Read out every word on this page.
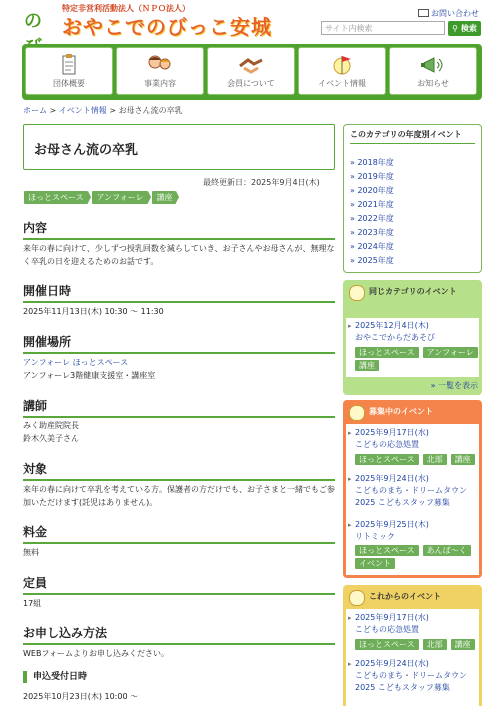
の
特定非営利活動法人（ＮＰＯ法人）
おやこでのびっこ安城
お問い合わせ
サイト内検索	⚲ 検索
団体概要	事業内容	会員について	イベント情報	お知らせ
ホーム > イベント情報 > お母さん流の卒乳
お母さん流の卒乳
最終更新日：2025年9月4日(木)
ほっとスペース アンフォーレ 講座
内容
来年の春に向けて、少しずつ授乳回数を減らしていき、お子さんやお母さんが、無理なく卒乳の日を迎えるためのお話です。
開催日時
2025年11月13日(木) 10:30 〜 11:30
開催場所
アンフォーレ ほっとスペース
アンフォーレ3階健康支援室・講座室
講師
みく助産院院長
鈴木久美子さん
対象
来年の春に向けて卒乳を考えている方。保護者の方だけでも、お子さまと一緒でもご参加いただけます(託児はありません)。
料金
無料
定員
17組
お申し込み方法
WEBフォームよりお申し込みください。
申込受付日時
2025年10月23日(木) 10:00 〜
このカテゴリの年度別イベント
» 2018年度
» 2019年度
» 2020年度
» 2021年度
» 2022年度
» 2023年度
» 2024年度
» 2025年度
同じカテゴリのイベント
▸ 2025年12月4日(木)
おやこでからだあそび
ほっとスペース アンフォーレ講座
» 一覧を表示
募集中のイベント
▸ 2025年9月17日(水)
こどもの応急処置
ほっとスペース 北部 講座
▸ 2025年9月24日(水)
こどものまち・ドリームタウン2025 こどもスタッフ募集
▸ 2025年9月25日(木)
リトミック
ほっとスペース あんぱ〜くイベント
これからのイベント
▸ 2025年9月17日(水)
こどもの応急処置
ほっとスペース 北部 講座
▸ 2025年9月24日(水)
こどものまち・ドリームタウン2025 こどもスタッフ募集
